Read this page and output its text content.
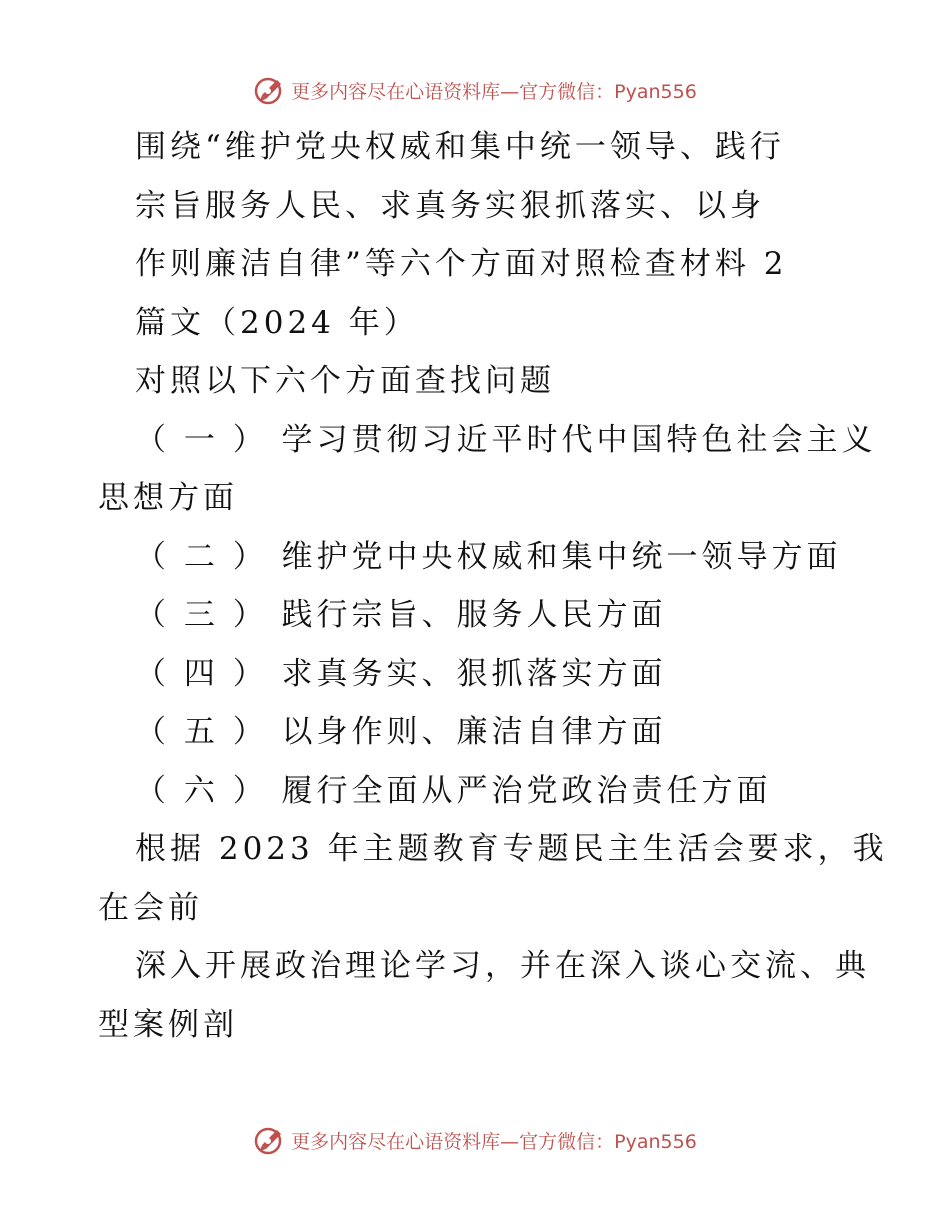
更多内容尽在心语资料库—官方微信：Pyan556
围绕“维护党央权威和集中统一领导、践行
宗旨服务人民、求真务实狠抓落实、以身
作则廉洁自律”等六个方面对照检查材料 2
篇文（2024 年）
对照以下六个方面查找问题
（ 一 ） 学习贯彻习近平时代中国特色社会主义
思想方面
（ 二 ） 维护党中央权威和集中统一领导方面
（ 三 ） 践行宗旨、服务人民方面
（ 四 ） 求真务实、狠抓落实方面
（ 五 ） 以身作则、廉洁自律方面
（ 六 ） 履行全面从严治党政治责任方面
根据 2023 年主题教育专题民主生活会要求，我
在会前
深入开展政治理论学习，并在深入谈心交流、典
型案例剖
更多内容尽在心语资料库—官方微信：Pyan556
